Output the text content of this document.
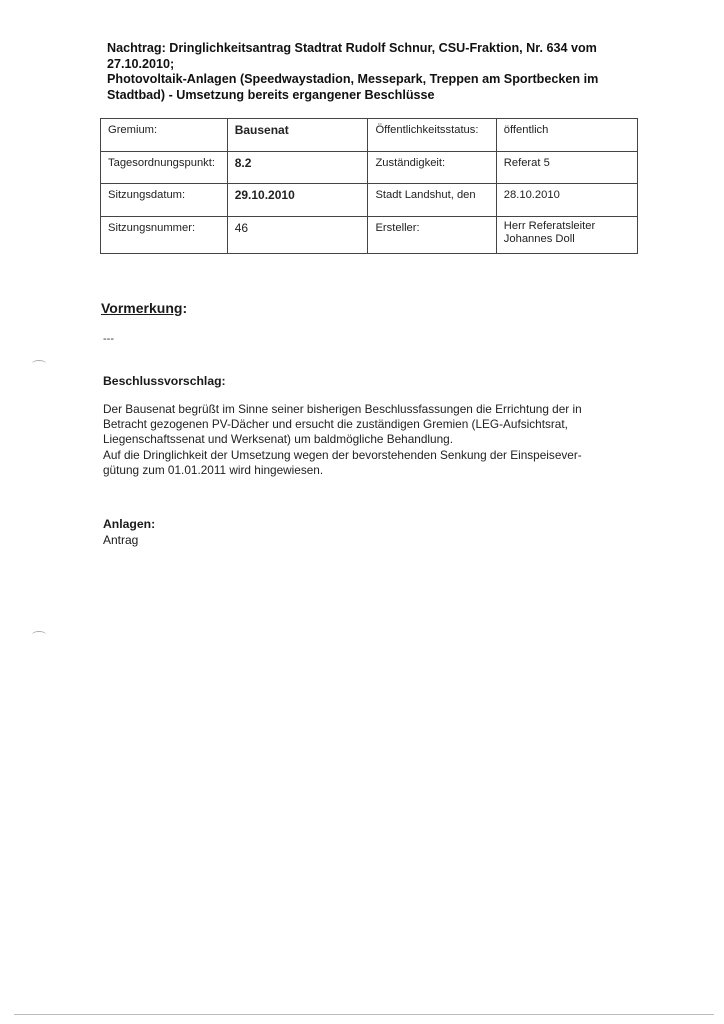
Nachtrag: Dringlichkeitsantrag Stadtrat Rudolf Schnur, CSU-Fraktion, Nr. 634 vom
27.10.2010;
Photovoltaik-Anlagen (Speedwaystadion, Messepark, Treppen am Sportbecken im
Stadtbad) - Umsetzung bereits ergangener Beschlüsse
Gremium:	Bausenat	Öffentlichkeitsstatus:	öffentlich
Tagesordnungspunkt:	8.2	Zuständigkeit:	Referat 5
Sitzungsdatum:	29.10.2010	Stadt Landshut, den	28.10.2010
Sitzungsnummer:	46	Ersteller:	Herr Referatsleiter
Johannes Doll
Vormerkung:
---
Beschlussvorschlag:
Der Bausenat begrüßt im Sinne seiner bisherigen Beschlussfassungen die Errichtung der in
Betracht gezogenen PV-Dächer und ersucht die zuständigen Gremien (LEG-Aufsichtsrat,
Liegenschaftssenat und Werksenat) um baldmögliche Behandlung.
Auf die Dringlichkeit der Umsetzung wegen der bevorstehenden Senkung der Einspeisever-
gütung zum 01.01.2011 wird hingewiesen.
Anlagen:
Antrag
